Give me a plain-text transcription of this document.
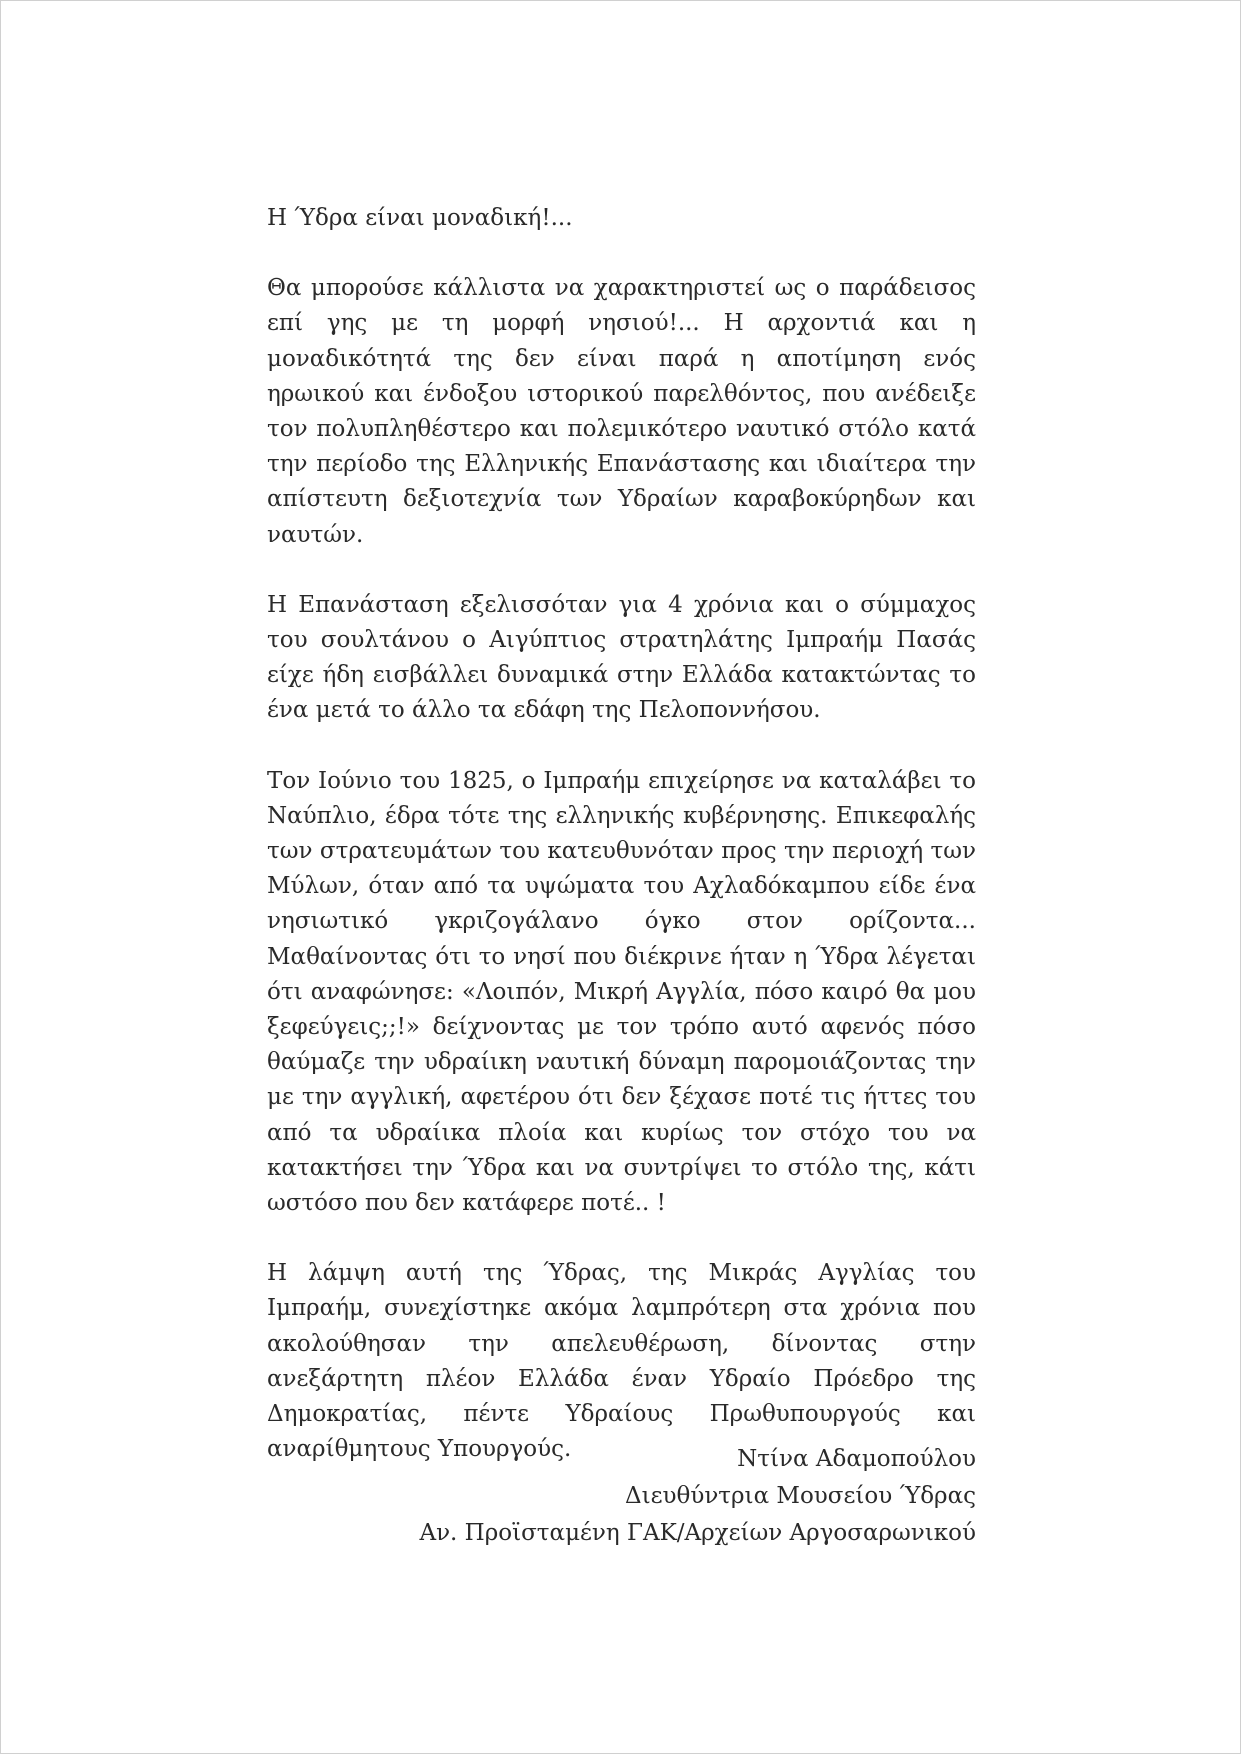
Η Ύδρα είναι μοναδική!...

Θα μπορούσε κάλλιστα να χαρακτηριστεί ως ο παράδεισος επί γης με τη μορφή νησιού!... Η αρχοντιά και η μοναδικότητά της δεν είναι παρά η αποτίμηση ενός ηρωικού και ένδοξου ιστορικού παρελθόντος, που ανέδειξε τον πολυπληθέστερο και πολεμικότερο ναυτικό στόλο κατά την περίοδο της Ελληνικής Επανάστασης και ιδιαίτερα την απίστευτη δεξιοτεχνία των Υδραίων καραβοκύρηδων και ναυτών.

Η Επανάσταση εξελισσόταν για 4 χρόνια και ο σύμμαχος του σουλτάνου ο Αιγύπτιος στρατηλάτης Ιμπραήμ Πασάς είχε ήδη εισβάλλει δυναμικά στην Ελλάδα κατακτώντας το ένα μετά το άλλο τα εδάφη της Πελοποννήσου.

Τον Ιούνιο του 1825, ο Ιμπραήμ επιχείρησε να καταλάβει το Ναύπλιο, έδρα τότε της ελληνικής κυβέρνησης. Επικεφαλής των στρατευμάτων του κατευθυνόταν προς την περιοχή των Μύλων, όταν από τα υψώματα του Αχλαδόκαμπου είδε ένα νησιωτικό γκριζογάλανο όγκο στον ορίζοντα... Μαθαίνοντας ότι το νησί που διέκρινε ήταν η Ύδρα λέγεται ότι αναφώνησε: «Λοιπόν, Μικρή Αγγλία, πόσο καιρό θα μου ξεφεύγεις;;!» δείχνοντας με τον τρόπο αυτό αφενός πόσο θαύμαζε την υδραίικη ναυτική δύναμη παρομοιάζοντας την με την αγγλική, αφετέρου ότι δεν ξέχασε ποτέ τις ήττες του από τα υδραίικα πλοία και κυρίως τον στόχο του να κατακτήσει την Ύδρα και να συντρίψει το στόλο της, κάτι ωστόσο που δεν κατάφερε ποτέ.. !

Η λάμψη αυτή της Ύδρας, της Μικράς Αγγλίας του Ιμπραήμ, συνεχίστηκε ακόμα λαμπρότερη στα χρόνια που ακολούθησαν την απελευθέρωση, δίνοντας στην ανεξάρτητη πλέον Ελλάδα έναν Υδραίο Πρόεδρο της Δημοκρατίας, πέντε Υδραίους Πρωθυπουργούς και αναρίθμητους Υπουργούς.	Ντίνα Αδαμοπούλου
Διευθύντρια Μουσείου Ύδρας
Αν. Προϊσταμένη ΓΑΚ/Αρχείων Αργοσαρωνικού
